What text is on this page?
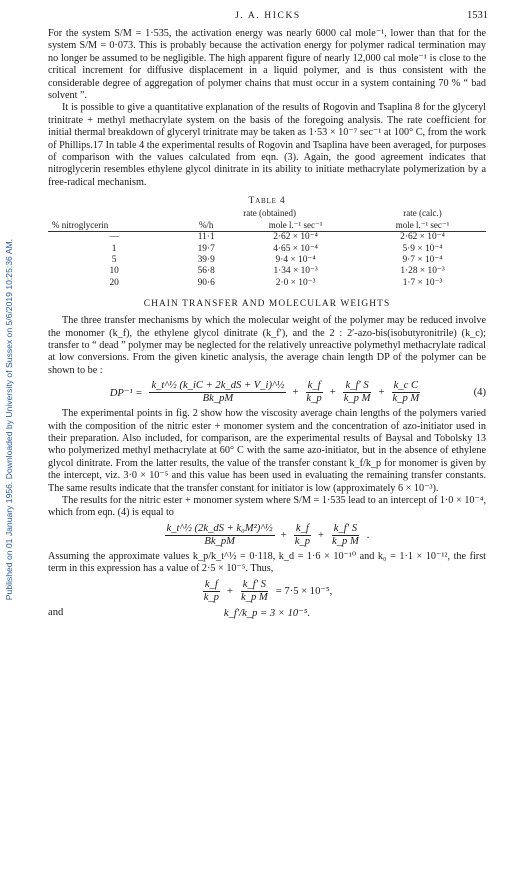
Published on 01 January 1956. Downloaded by University of Sussex on 5/6/2019 10:25:36 AM.
J. A. HICKS	1531

For the system S/M = 1·535, the activation energy was nearly 6000 cal mole⁻¹, lower than that for the system S/M = 0·073. This is probably because the activation energy for polymer radical termination may no longer be assumed to be negligible. The high apparent figure of nearly 12,000 cal mole⁻¹ is close to the critical increment for diffusive displacement in a liquid polymer, and is thus consistent with the considerable degree of aggregation of polymer chains that must occur in a system containing 70 % “ bad solvent ”.

It is possible to give a quantitative explanation of the results of Rogovin and Tsaplina 8 for the glyceryl trinitrate + methyl methacrylate system on the basis of the foregoing analysis. The rate coefficient for initial thermal breakdown of glyceryl trinitrate may be taken as 1·53 × 10⁻⁷ sec⁻¹ at 100° C, from the work of Phillips.17 In table 4 the experimental results of Rogovin and Tsaplina have been averaged, for purposes of comparison with the values calculated from eqn. (3). Again, the good agreement indicates that nitroglycerin resembles ethylene glycol dinitrate in its ability to initiate methacrylate polymerization by a free-radical mechanism.

Table 4
	rate (obtained)		rate (calc.)
% nitroglycerin	%/h	mole l.⁻¹ sec⁻¹	mole l.⁻¹ sec⁻¹
—	11·1	2·62 × 10⁻⁴	2·62 × 10⁻⁴
1	19·7	4·65 × 10⁻⁴	5·9 × 10⁻⁴
5	39·9	9·4 × 10⁻⁴	9·7 × 10⁻⁴
10	56·8	1·34 × 10⁻³	1·28 × 10⁻³
20	90·6	2·0 × 10⁻³	1·7 × 10⁻³
CHAIN TRANSFER AND MOLECULAR WEIGHTS

The three transfer mechanisms by which the molecular weight of the polymer may be reduced involve the monomer (k_f), the ethylene glycol dinitrate (k_f′), and the 2 : 2′-azo-bis(isobutyronitrile) (k_c); transfer to “ dead ” polymer may be neglected for the relatively unreactive polymethyl methacrylate radical at low conversions. From the given kinetic analysis, the average chain length DP of the polymer can be shown to be :

$DP^{-1} = \frac{\text{k\_t\textasciicircum{}½ (k\_iC + 2k\_dS + V\_i)\textasciicircum{}½}}{Bk\_pM} + \frac{k\_f}{k\_p} + \frac{k\_f' S}{\text{k\_p M}} + \frac{\text{k\_c C}}{\text{k\_p M}}$	(4)

The experimental points in fig. 2 show how the viscosity average chain lengths of the polymers varied with the composition of the nitric ester + monomer system and the concentration of azo-initiator used in their preparation. Also included, for comparison, are the experimental results of Baysal and Tobolsky 13 who polymerized methyl methacrylate at 60° C with the same azo-initiator, but in the absence of ethylene glycol dinitrate. From the latter results, the value of the transfer constant k_f/k_p for monomer is given by the intercept, viz. 3·0 × 10⁻⁵ and this value has been used in evaluating the remaining transfer constants. The same results indicate that the transfer constant for initiator is low (approximately 6 × 10⁻³).

The results for the nitric ester + monomer system where S/M = 1·535 lead to an intercept of 1·0 × 10⁻⁴, which from eqn. (4) is equal to

$\frac{\text{k\_t\textasciicircum{}½ (2k\_dS + k₀M²)\textasciicircum{}½}}{Bk\_pM} + \frac{k\_f}{k\_p} + \frac{k\_f' S}{\text{k\_p M}}$ .

Assuming the approximate values k_p/k_t^½ = 0·118, k_d = 1·6 × 10⁻¹⁰ and k₀ = 1·1 × 10⁻¹², the first term in this expression has a value of 2·5 × 10⁻⁵. Thus,

$\frac{k\_f}{k\_p} + \frac{k\_f' S}{\text{k\_p M}} = 7\cdot 5 \times 10^{-5}$,
and	k_f′/k_p = 3 × 10⁻⁵.
